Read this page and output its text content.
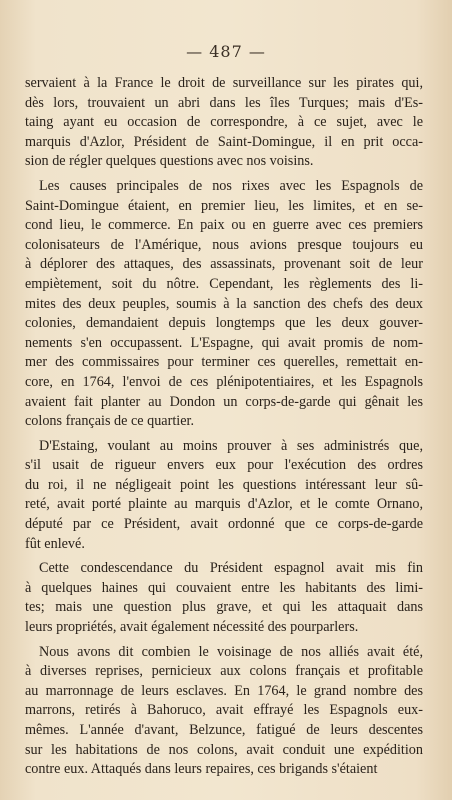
— 487 —
servaient à la France le droit de surveillance sur les pirates qui,
dès lors, trouvaient un abri dans les îles Turques; mais d'Es-
taing ayant eu occasion de correspondre, à ce sujet, avec le
marquis d'Azlor, Président de Saint-Domingue, il en prit occa-
sion de régler quelques questions avec nos voisins.
Les causes principales de nos rixes avec les Espagnols de
Saint-Domingue étaient, en premier lieu, les limites, et en se-
cond lieu, le commerce. En paix ou en guerre avec ces premiers
colonisateurs de l'Amérique, nous avions presque toujours eu
à déplorer des attaques, des assassinats, provenant soit de leur
empiètement, soit du nôtre. Cependant, les règlements des li-
mites des deux peuples, soumis à la sanction des chefs des deux
colonies, demandaient depuis longtemps que les deux gouver-
nements s'en occupassent. L'Espagne, qui avait promis de nom-
mer des commissaires pour terminer ces querelles, remettait en-
core, en 1764, l'envoi de ces plénipotentiaires, et les Espagnols
avaient fait planter au Dondon un corps-de-garde qui gênait les
colons français de ce quartier.
D'Estaing, voulant au moins prouver à ses administrés que,
s'il usait de rigueur envers eux pour l'exécution des ordres
du roi, il ne négligeait point les questions intéressant leur sû-
reté, avait porté plainte au marquis d'Azlor, et le comte Ornano,
député par ce Président, avait ordonné que ce corps-de-garde
fût enlevé.
Cette condescendance du Président espagnol avait mis fin
à quelques haines qui couvaient entre les habitants des limi-
tes; mais une question plus grave, et qui les attaquait dans
leurs propriétés, avait également nécessité des pourparlers.
Nous avons dit combien le voisinage de nos alliés avait été,
à diverses reprises, pernicieux aux colons français et profitable
au marronnage de leurs esclaves. En 1764, le grand nombre des
marrons, retirés à Bahoruco, avait effrayé les Espagnols eux-
mêmes. L'année d'avant, Belzunce, fatigué de leurs descentes
sur les habitations de nos colons, avait conduit une expédition
contre eux. Attaqués dans leurs repaires, ces brigands s'étaient
